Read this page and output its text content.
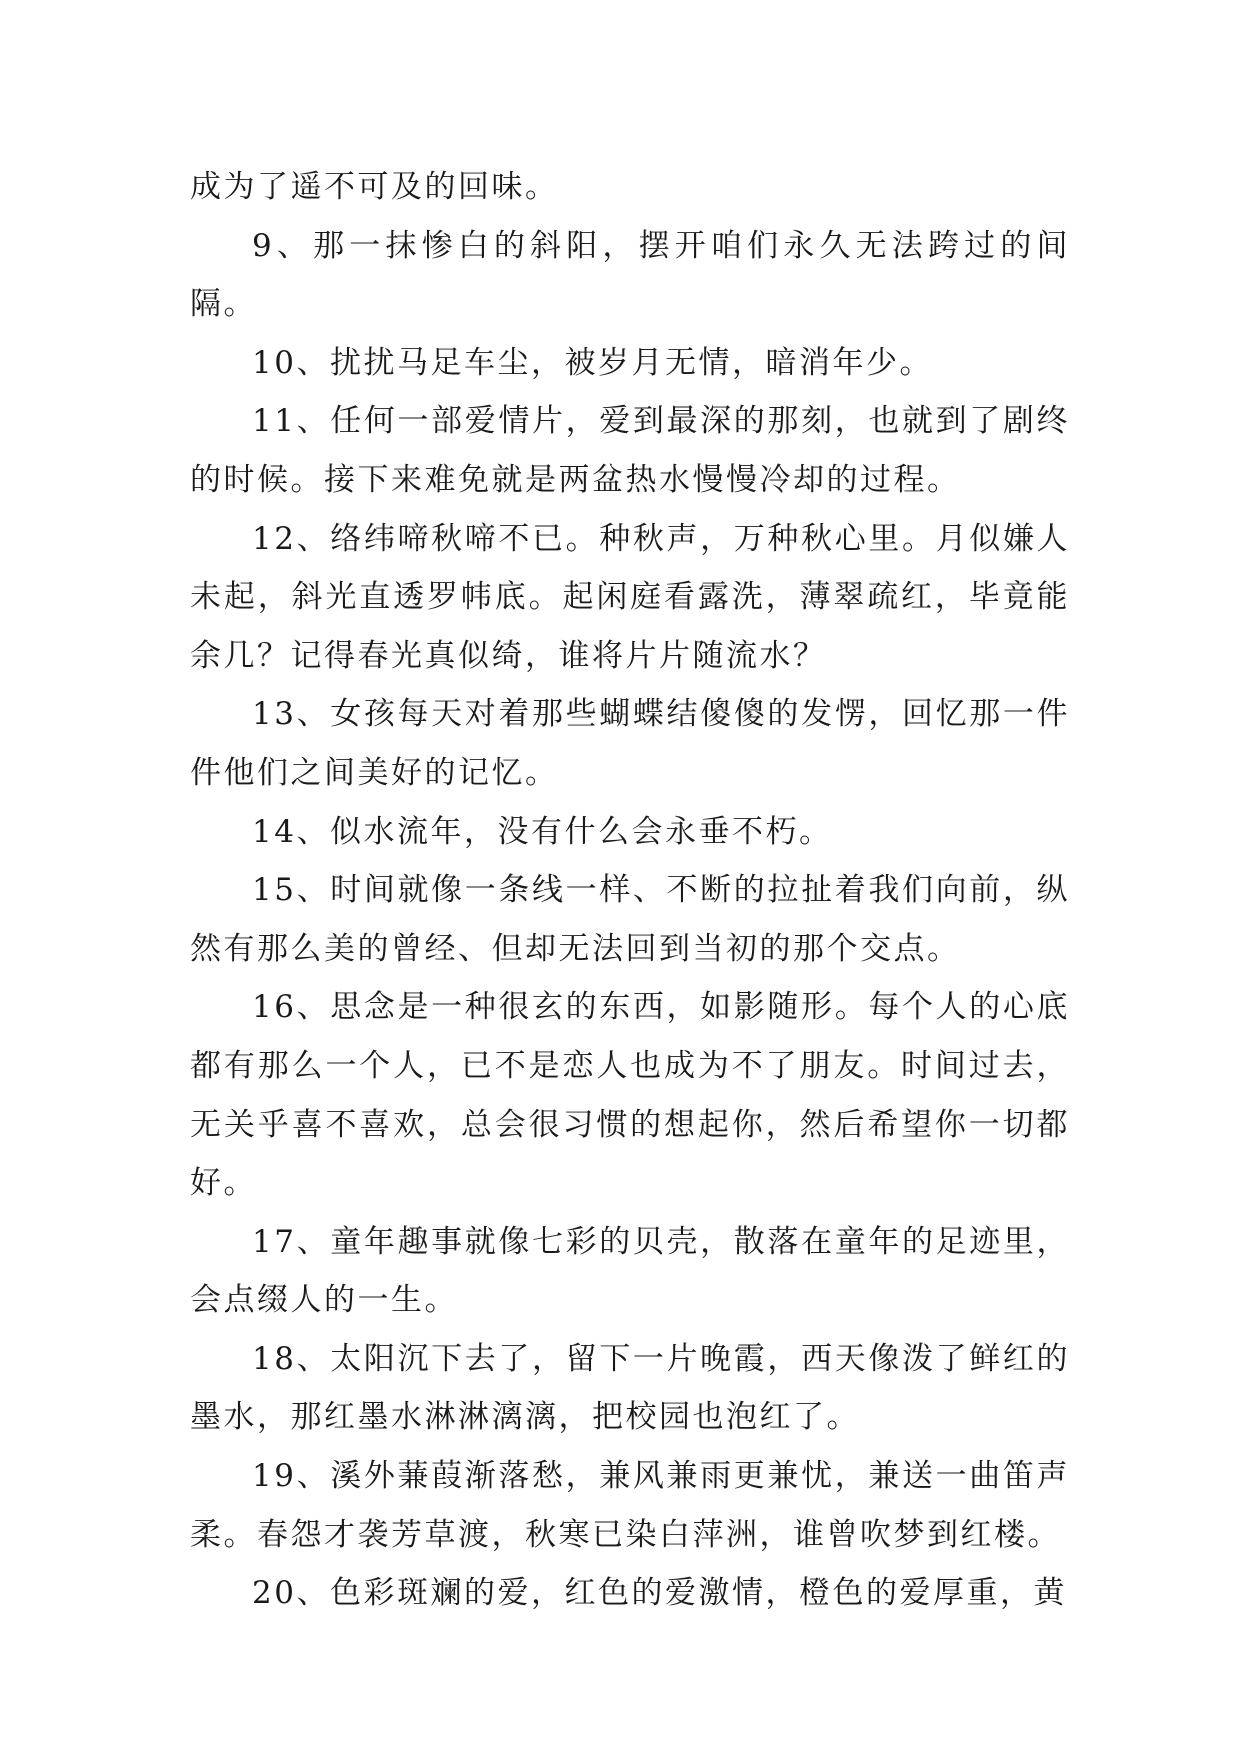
成为了遥不可及的回味。

9、那一抹惨白的斜阳，摆开咱们永久无法跨过的间隔。

10、扰扰马足车尘，被岁月无情，暗消年少。

11、任何一部爱情片，爱到最深的那刻，也就到了剧终的时候。接下来难免就是两盆热水慢慢冷却的过程。

12、络纬啼秋啼不已。种秋声，万种秋心里。月似嫌人未起，斜光直透罗帏底。起闲庭看露洗，薄翠疏红，毕竟能余几？记得春光真似绮，谁将片片随流水？

13、女孩每天对着那些蝴蝶结傻傻的发愣，回忆那一件件他们之间美好的记忆。

14、似水流年，没有什么会永垂不朽。

15、时间就像一条线一样、不断的拉扯着我们向前，纵然有那么美的曾经、但却无法回到当初的那个交点。

16、思念是一种很玄的东西，如影随形。每个人的心底都有那么一个人，已不是恋人也成为不了朋友。时间过去，无关乎喜不喜欢，总会很习惯的想起你，然后希望你一切都好。

17、童年趣事就像七彩的贝壳，散落在童年的足迹里，会点缀人的一生。

18、太阳沉下去了，留下一片晚霞，西天像泼了鲜红的墨水，那红墨水淋淋漓漓，把校园也泡红了。

19、溪外蒹葭渐落愁，兼风兼雨更兼忧，兼送一曲笛声柔。春怨才袭芳草渡，秋寒已染白萍洲，谁曾吹梦到红楼。

20、色彩斑斓的爱，红色的爱激情，橙色的爱厚重，黄
